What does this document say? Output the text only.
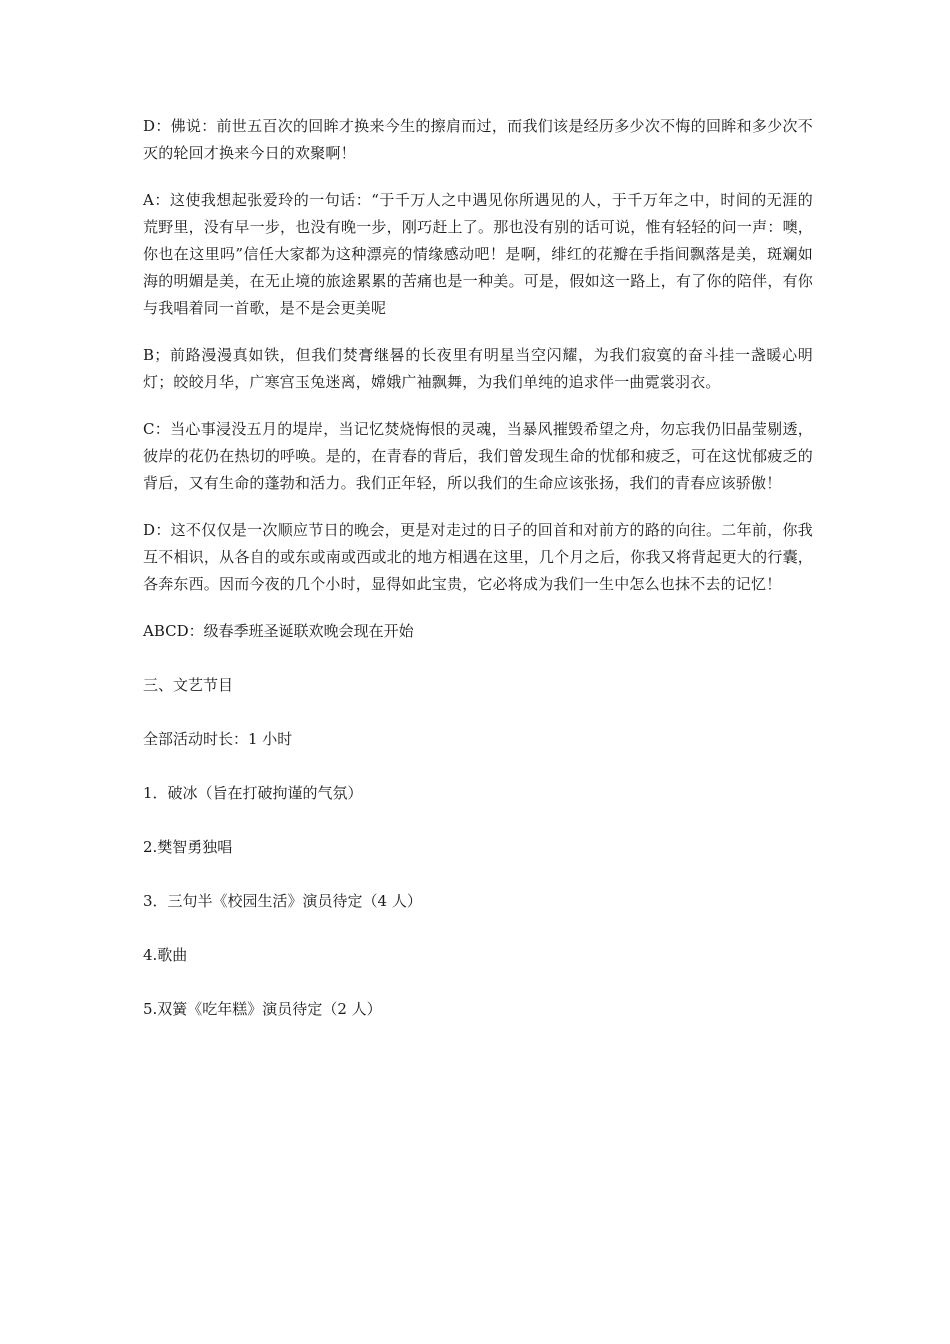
D：佛说：前世五百次的回眸才换来今生的擦肩而过，而我们该是经历多少次不悔的回眸和多少次不灭的轮回才换来今日的欢聚啊！

A：这使我想起张爱玲的一句话：“于千万人之中遇见你所遇见的人，于千万年之中，时间的无涯的荒野里，没有早一步，也没有晚一步，刚巧赶上了。那也没有别的话可说，惟有轻轻的问一声：噢，你也在这里吗”信任大家都为这种漂亮的情缘感动吧！是啊，绯红的花瓣在手指间飘落是美，斑斓如海的明媚是美，在无止境的旅途累累的苦痛也是一种美。可是，假如这一路上，有了你的陪伴，有你与我唱着同一首歌，是不是会更美呢

B；前路漫漫真如铁，但我们焚膏继晷的长夜里有明星当空闪耀，为我们寂寞的奋斗挂一盏暖心明灯；皎皎月华，广寒宫玉兔迷离，嫦娥广袖飘舞，为我们单纯的追求伴一曲霓裳羽衣。

C：当心事浸没五月的堤岸，当记忆焚烧悔恨的灵魂，当暴风摧毁希望之舟，勿忘我仍旧晶莹剔透，彼岸的花仍在热切的呼唤。是的，在青春的背后，我们曾发现生命的忧郁和疲乏，可在这忧郁疲乏的背后，又有生命的蓬勃和活力。我们正年轻，所以我们的生命应该张扬，我们的青春应该骄傲！

D：这不仅仅是一次顺应节日的晚会，更是对走过的日子的回首和对前方的路的向往。二年前，你我互不相识，从各自的或东或南或西或北的地方相遇在这里，几个月之后，你我又将背起更大的行囊，各奔东西。因而今夜的几个小时，显得如此宝贵，它必将成为我们一生中怎么也抹不去的记忆！

ABCD：级春季班圣诞联欢晚会现在开始

三、文艺节目

全部活动时长：1 小时

1．破冰（旨在打破拘谨的气氛）

2.樊智勇独唱

3．三句半《校园生活》演员待定（4 人）

4.歌曲

5.双簧《吃年糕》演员待定（2 人）
